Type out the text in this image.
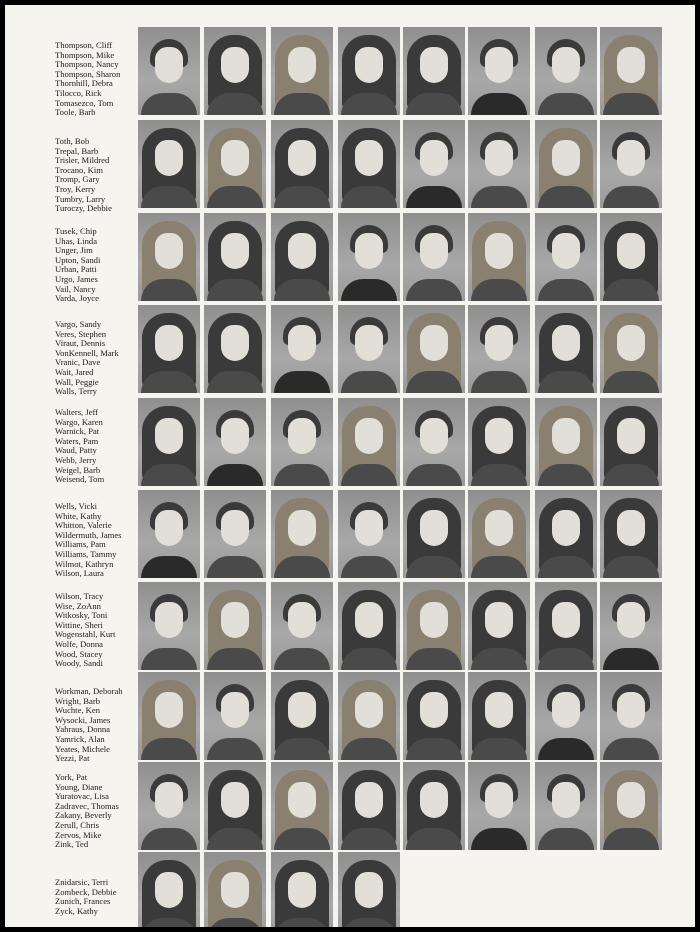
Thompson, Cliff
Thompson, Mike
Thompson, Nancy
Thompson, Sharon
Thornhill, Debra
Tilocco, Rick
Tomasezco, Tom
Toole, Barb
Toth, Bob
Trepal, Barb
Trisler, Mildred
Trocano, Kim
Tromp, Gary
Troy, Kerry
Tumbry, Larry
Turoczy, Debbie
Tusek, Chip
Uhas, Linda
Unger, Jim
Upton, Sandi
Urban, Patti
Urgo, James
Vail, Nancy
Varda, Joyce
Vargo, Sandy
Veres, Stephen
Viraut, Dennis
VonKennell, Mark
Vranic, Dave
Wait, Jared
Wall, Peggie
Walls, Terry
Walters, Jeff
Wargo, Karen
Warnick, Pat
Waters, Pam
Waud, Patty
Webb, Jerry
Weigel, Barb
Weisend, Tom
Wells, Vicki
White, Kathy
Whitton, Valerie
Wildermuth, James
Williams, Pam
Williams, Tammy
Wilmot, Kathryn
Wilson, Laura
Wilson, Tracy
Wise, ZoAnn
Witkosky, Toni
Wittine, Sheri
Wogenstahl, Kurt
Wolfe, Donna
Wood, Stacey
Woody, Sandi
Workman, Deborah
Wright, Barb
Wuchte, Ken
Wysocki, James
Yahraus, Donna
Yamrick, Alan
Yeates, Michele
Yezzi, Pat
York, Pat
Young, Diane
Yuratovac, Lisa
Zadravec, Thomas
Zakany, Beverly
Zerull, Chris
Zervos, Mike
Zink, Ted
Znidarsic, Terri
Zombeck, Debbie
Zunich, Frances
Zyck, Kathy
